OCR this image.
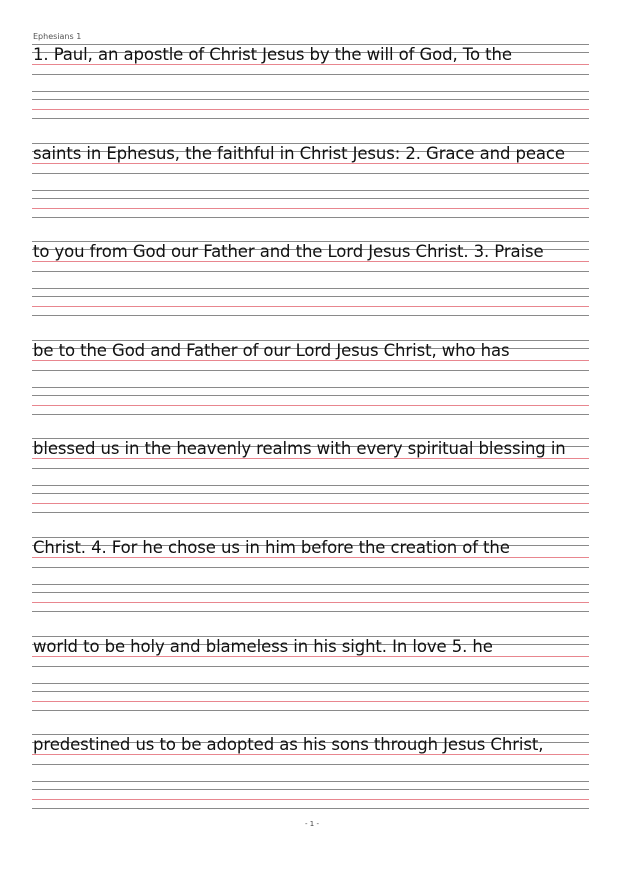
Ephesians 1
1. Paul, an apostle of Christ Jesus by the will of God, To the
saints in Ephesus, the faithful in Christ Jesus: 2. Grace and peace
to you from God our Father and the Lord Jesus Christ. 3. Praise
be to the God and Father of our Lord Jesus Christ, who has
blessed us in the heavenly realms with every spiritual blessing in
Christ. 4. For he chose us in him before the creation of the
world to be holy and blameless in his sight. In love 5. he
predestined us to be adopted as his sons through Jesus Christ,
- 1 -
